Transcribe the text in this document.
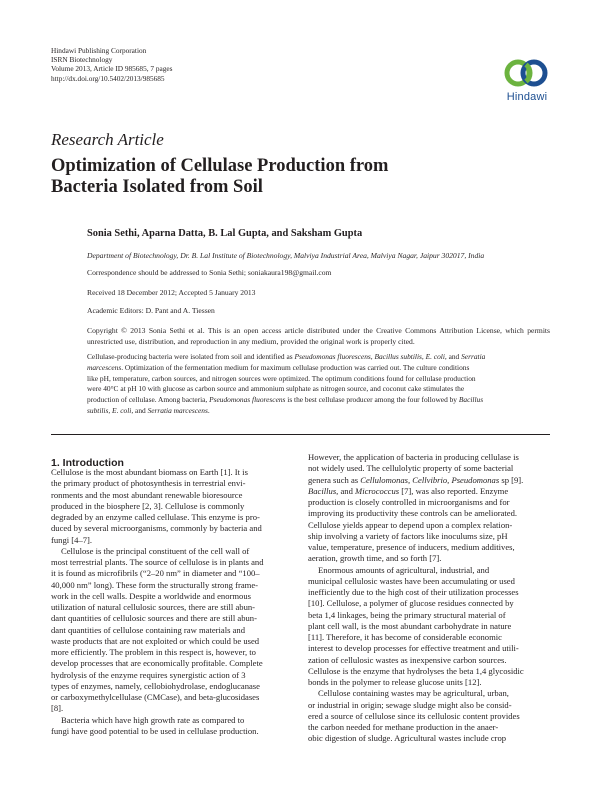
Hindawi Publishing Corporation
ISRN Biotechnology
Volume 2013, Article ID 985685, 7 pages
http://dx.doi.org/10.5402/2013/985685
Hindawi
Research Article
Optimization of Cellulase Production from
Bacteria Isolated from Soil
Sonia Sethi, Aparna Datta, B. Lal Gupta, and Saksham Gupta
Department of Biotechnology, Dr. B. Lal Institute of Biotechnology, Malviya Industrial Area, Malviya Nagar, Jaipur 302017, India
Correspondence should be addressed to Sonia Sethi; soniakaura198@gmail.com
Received 18 December 2012; Accepted 5 January 2013
Academic Editors: D. Pant and A. Tiessen
Copyright © 2013 Sonia Sethi et al. This is an open access article distributed under the Creative Commons Attribution License, which permits unrestricted use, distribution, and reproduction in any medium, provided the original work is properly cited.
Cellulase-producing bacteria were isolated from soil and identified as Pseudomonas fluorescens, Bacillus subtilis, E. coli, and Serratia
marcescens. Optimization of the fermentation medium for maximum cellulase production was carried out. The culture conditions
like pH, temperature, carbon sources, and nitrogen sources were optimized. The optimum conditions found for cellulase production
were 40°C at pH 10 with glucose as carbon source and ammonium sulphate as nitrogen source, and coconut cake stimulates the
production of cellulase. Among bacteria, Pseudomonas fluorescens is the best cellulase producer among the four followed by Bacillus
subtilis, E. coli, and Serratia marcescens.
1. Introduction
Cellulose is the most abundant biomass on Earth [1]. It is
the primary product of photosynthesis in terrestrial envi-
ronments and the most abundant renewable bioresource
produced in the biosphere [2, 3]. Cellulose is commonly
degraded by an enzyme called cellulase. This enzyme is pro-
duced by several microorganisms, commonly by bacteria and
fungi [4–7].
Cellulose is the principal constituent of the cell wall of
most terrestrial plants. The source of cellulose is in plants and
it is found as microfibrils (“2–20 nm” in diameter and “100–
40,000 nm” long). These form the structurally strong frame-
work in the cell walls. Despite a worldwide and enormous
utilization of natural cellulosic sources, there are still abun-
dant quantities of cellulosic sources and there are still abun-
dant quantities of cellulose containing raw materials and
waste products that are not exploited or which could be used
more efficiently. The problem in this respect is, however, to
develop processes that are economically profitable. Complete
hydrolysis of the enzyme requires synergistic action of 3
types of enzymes, namely, cellobiohydrolase, endoglucanase
or carboxymethylcellulase (CMCase), and beta-glucosidases
[8].
Bacteria which have high growth rate as compared to
fungi have good potential to be used in cellulase production.
However, the application of bacteria in producing cellulase is
not widely used. The cellulolytic property of some bacterial
genera such as Cellulomonas, Cellvibrio, Pseudomonas sp [9].
Bacillus, and Micrococcus [7], was also reported. Enzyme
production is closely controlled in microorganisms and for
improving its productivity these controls can be ameliorated.
Cellulose yields appear to depend upon a complex relation-
ship involving a variety of factors like inoculums size, pH
value, temperature, presence of inducers, medium additives,
aeration, growth time, and so forth [7].
Enormous amounts of agricultural, industrial, and
municipal cellulosic wastes have been accumulating or used
inefficiently due to the high cost of their utilization processes
[10]. Cellulose, a polymer of glucose residues connected by
beta 1,4 linkages, being the primary structural material of
plant cell wall, is the most abundant carbohydrate in nature
[11]. Therefore, it has become of considerable economic
interest to develop processes for effective treatment and utili-
zation of cellulosic wastes as inexpensive carbon sources.
Cellulose is the enzyme that hydrolyses the beta 1,4 glycosidic
bonds in the polymer to release glucose units [12].
Cellulose containing wastes may be agricultural, urban,
or industrial in origin; sewage sludge might also be consid-
ered a source of cellulose since its cellulosic content provides
the carbon needed for methane production in the anaer-
obic digestion of sludge. Agricultural wastes include crop
